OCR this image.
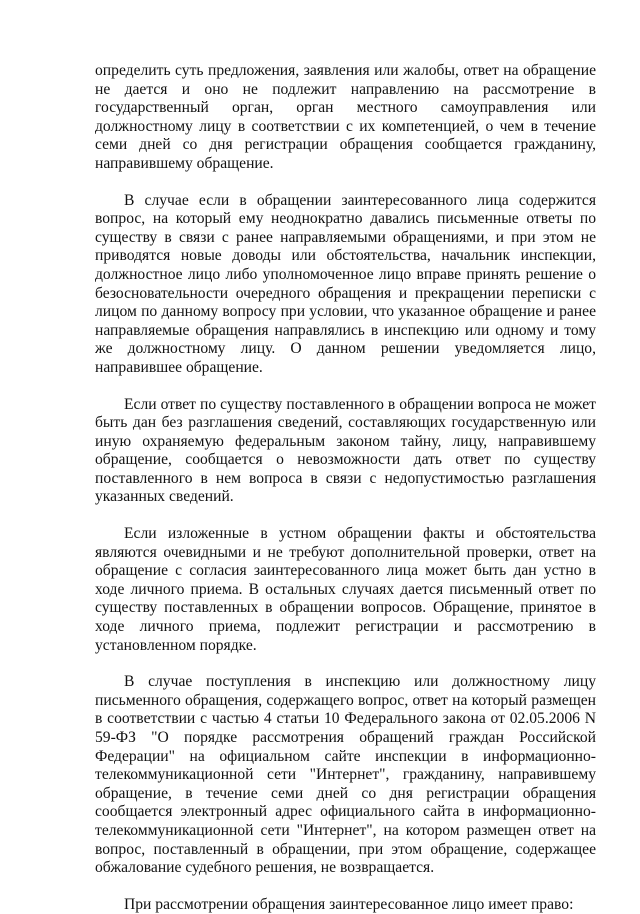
определить суть предложения, заявления или жалобы, ответ на обращение не дается и оно не подлежит направлению на рассмотрение в государственный орган, орган местного самоуправления или должностному лицу в соответствии с их компетенцией, о чем в течение семи дней со дня регистрации обращения сообщается гражданину, направившему обращение.

В случае если в обращении заинтересованного лица содержится вопрос, на который ему неоднократно давались письменные ответы по существу в связи с ранее направляемыми обращениями, и при этом не приводятся новые доводы или обстоятельства, начальник инспекции, должностное лицо либо уполномоченное лицо вправе принять решение о безосновательности очередного обращения и прекращении переписки с лицом по данному вопросу при условии, что указанное обращение и ранее направляемые обращения направлялись в инспекцию или одному и тому же должностному лицу. О данном решении уведомляется лицо, направившее обращение.

Если ответ по существу поставленного в обращении вопроса не может быть дан без разглашения сведений, составляющих государственную или иную охраняемую федеральным законом тайну, лицу, направившему обращение, сообщается о невозможности дать ответ по существу поставленного в нем вопроса в связи с недопустимостью разглашения указанных сведений.

Если изложенные в устном обращении факты и обстоятельства являются очевидными и не требуют дополнительной проверки, ответ на обращение с согласия заинтересованного лица может быть дан устно в ходе личного приема. В остальных случаях дается письменный ответ по существу поставленных в обращении вопросов. Обращение, принятое в ходе личного приема, подлежит регистрации и рассмотрению в установленном порядке.

В случае поступления в инспекцию или должностному лицу письменного обращения, содержащего вопрос, ответ на который размещен в соответствии с частью 4 статьи 10 Федерального закона от 02.05.2006 N 59-ФЗ "О порядке рассмотрения обращений граждан Российской Федерации" на официальном сайте инспекции в информационно-телекоммуникационной сети "Интернет", гражданину, направившему обращение, в течение семи дней со дня регистрации обращения сообщается электронный адрес официального сайта в информационно-телекоммуникационной сети "Интернет", на котором размещен ответ на вопрос, поставленный в обращении, при этом обращение, содержащее обжалование судебного решения, не возвращается.

При рассмотрении обращения заинтересованное лицо имеет право:
